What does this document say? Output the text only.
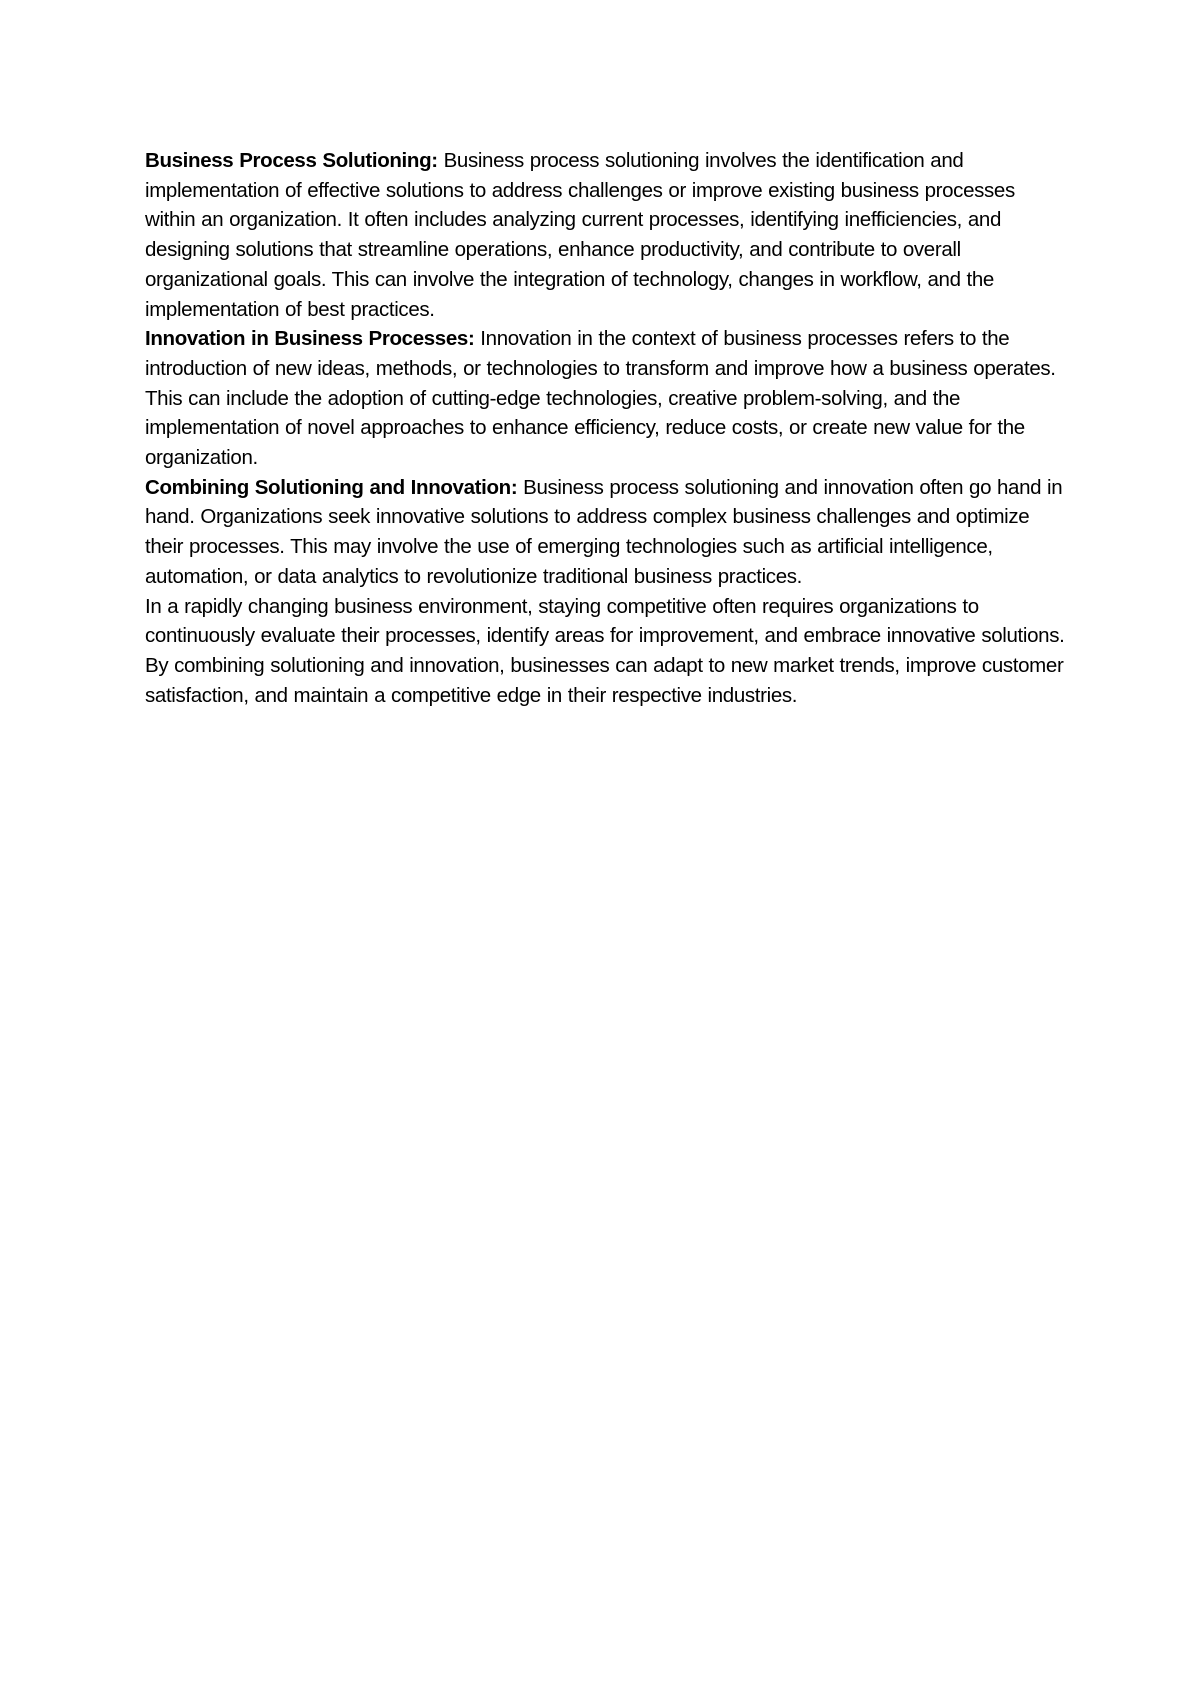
Business Process Solutioning: Business process solutioning involves the identification and implementation of effective solutions to address challenges or improve existing business processes within an organization. It often includes analyzing current processes, identifying inefficiencies, and designing solutions that streamline operations, enhance productivity, and contribute to overall organizational goals. This can involve the integration of technology, changes in workflow, and the implementation of best practices.

Innovation in Business Processes: Innovation in the context of business processes refers to the introduction of new ideas, methods, or technologies to transform and improve how a business operates. This can include the adoption of cutting-edge technologies, creative problem-solving, and the implementation of novel approaches to enhance efficiency, reduce costs, or create new value for the organization.

Combining Solutioning and Innovation: Business process solutioning and innovation often go hand in hand. Organizations seek innovative solutions to address complex business challenges and optimize their processes. This may involve the use of emerging technologies such as artificial intelligence, automation, or data analytics to revolutionize traditional business practices.

In a rapidly changing business environment, staying competitive often requires organizations to continuously evaluate their processes, identify areas for improvement, and embrace innovative solutions. By combining solutioning and innovation, businesses can adapt to new market trends, improve customer satisfaction, and maintain a competitive edge in their respective industries.
